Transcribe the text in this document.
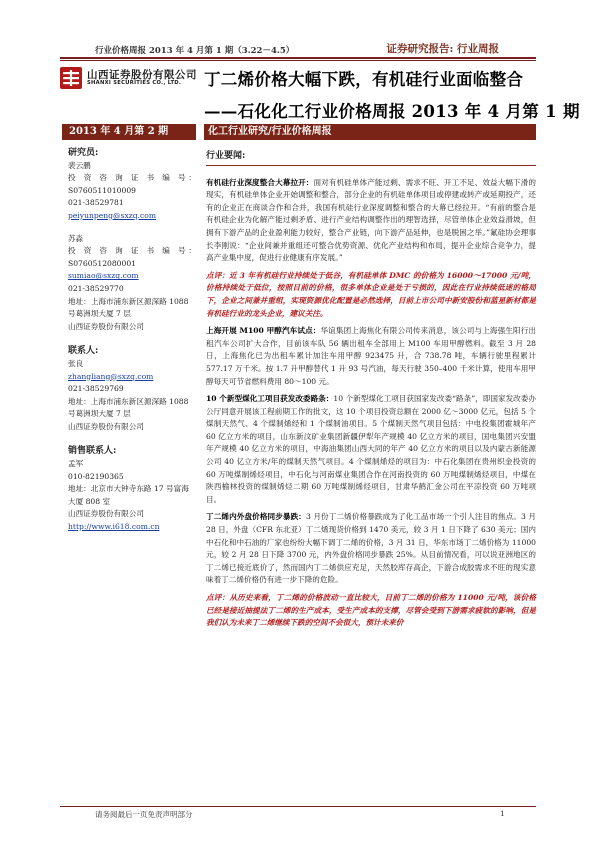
行业价格周报 2013 年 4 月第 1 期（3.22－4.5）	证券研究报告: 行业周报
山西证券股份有限公司
SHANXI SECURITIES CO., LTD. 丁二烯价格大幅下跌，有机硅行业面临整合
——石化化工行业价格周报 2013 年 4 月第 1 期
2013 年 4 月第 2 期	化工行业研究/行业价格周报
研究员:
裴云鹏
投 资 咨 询 证 书 编 号：
S0760511010009
021-38529781
peiyunpeng@sxzq.com
苏淼
投 资 咨 询 证 书 编 号：
S0760512080001
sumiao@sxzq.com
021-38529770
地址：上海市浦东新区源深路 1088 号葛洲坝大厦 7 层
山西证券股份有限公司
联系人:
张良
zhangliang@sxzq.com
021-38529769
地址：上海市浦东新区源深路 1088 号葛洲坝大厦 7 层
山西证券股份有限公司
销售联系人:
孟军
010-82190365
地址：北京市大钟寺东路 17 号富海大厦 808 室
山西证券股份有限公司
http://www.i618.com.cn
行业要闻:

有机硅行业深度整合大幕拉开：面对有机硅单体产能过剩、需求不旺、开工不足、效益大幅下滑的现实，有机硅单体企业开始调整和整合，部分企业的有机硅单体项目或停建或转产或延期投产，还有的企业正在商谈合作和合并，我国有机硅行业深度调整和整合的大幕已经拉开。“有前的整合是有机硅企业为化解产能过剩矛盾、进行产业结构调整作出的理智选择，尽管单体企业效益滑坡，但拥有下游产品的企业盈利能力较好，整合产业链，向下游产品延伸，也是脱困之举。”氟硅协会理事长李刚说：“企业间兼并重组还可整合优势资源、优化产业结构和布局，提升企业综合竞争力，提高产业集中度，促进行业健康有序发展。”

点评：近 3 年有机硅行业持续处于低谷，有机硅单体 DMC 的价格为 16000～17000 元/吨，价格持续处于低位，按照目前的价格，很多单体企业是处于亏损的，因此在行业持续低迷的格局下，企业之间兼并重组，实现资源优化配置是必然选择，目前上市公司中新安股份和蓝星新材都是有机硅行业的龙头企业，建议关注。

上海开展 M100 甲醇汽车试点：华谊集团上海焦化有限公司传来消息，该公司与上海强生阳行出租汽车公司扩大合作，目前该车队 56 辆出租车全部用上 M100 车用甲醇燃料。截至 3 月 28 日，上海焦化已为出租车累计加注车用甲醇 923475 升，合 738.78 吨，车辆行驶里程累计 577.17 万千米。按 1.7 升甲醇替代 1 升 93 号汽油，每天行驶 350–400 千米计算，使用车用甲醇每天可节省燃料费用 80～100 元。

10 个新型煤化工项目获发改委路条：10 个新型煤化工项目获国家发改委“路条”，即国家发改委办公厅同意开展该工程前期工作的批文，这 10 个项目投资总额在 2000 亿～3000 亿元，包括 5 个煤制天然气、4 个煤制烯经和 1 个煤制油项目。5 个煤制天然气项目包括：中电投集团霍城年产 60 亿立方米的项目，山东新汶矿业集团新疆伊犁年产规模 40 亿立方米的项目，国电集团兴安盟年产规模 40 亿立方米的项目，中海油集团山西大同的年产 40 亿立方米的项目以及内蒙古新能源公司 40 亿立方米/年的煤制天然气项目。4 个煤制烯烃的项目为：中石化集团在贵州织金投资的 60 万吨煤制烯烃项目，中石化与河南煤业集团合作在河南投资的 60 万吨煤制烯烃项目，中煤在陕西榆林投资的煤制烯烃二期 60 万吨煤制烯烃项目，甘肃华鹤汇金公司在平凉投资 60 万吨项目。

丁二烯内外盘价格同步暴跌：3 月份丁二烯价格暴跌成为了化工品市场一个引人注目的焦点。3 月 28 日，外盘（CFR 东北亚）丁二烯现货价格到 1470 美元，较 3 月 1 日下降了 630 美元；国内中石化和中石油的厂家也纷纷大幅下调丁二烯的价格，3 月 31 日，华东市场丁二烯价格为 11000 元，较 2 月 28 日下降 3700 元，内外盘价格同步暴跌 25%。从目前情况看，可以说亚洲地区的丁二烯已接近底价了，然而国内丁二烯供应充足，天然胶库存高企，下游合成胶需求不旺的现实意味着丁二烯价格仍有进一步下降的危险。

点评：从历史来看，丁二烯的价格波动一直比较大，目前丁二烯的价格为 11000 元/吨，该价格已经是接近抽提法丁二烯的生产成本，受生产成本的支撑，尽管会受到下游需求疲软的影响，但是我们认为未来丁二烯继续下跌的空间不会很大，预计未来价

请务阅最后一页免责声明部分	1
